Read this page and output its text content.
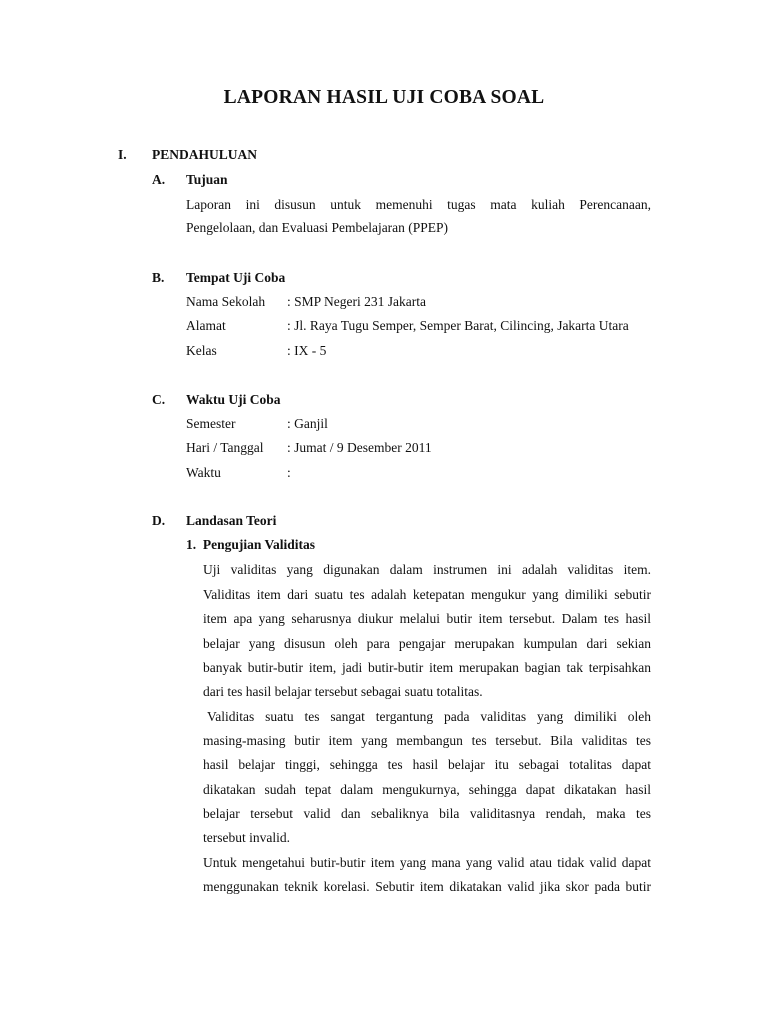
LAPORAN HASIL UJI COBA SOAL
I. PENDAHULUAN
A. Tujuan
Laporan ini disusun untuk memenuhi tugas mata kuliah Perencanaan,
Pengelolaan, dan Evaluasi Pembelajaran (PPEP)
B. Tempat Uji Coba
Nama Sekolah : SMP Negeri 231 Jakarta
Alamat	: Jl. Raya Tugu Semper, Semper Barat, Cilincing, Jakarta Utara
Kelas	: IX - 5
C. Waktu Uji Coba
Semester	: Ganjil
Hari / Tanggal : Jumat / 9 Desember 2011
Waktu	:
D. Landasan Teori
1.  Pengujian Validitas
Uji validitas yang digunakan dalam instrumen ini adalah validitas item.
Validitas item dari suatu tes adalah ketepatan mengukur yang dimiliki sebutir
item apa yang seharusnya diukur melalui butir item tersebut. Dalam tes hasil
belajar yang disusun oleh para pengajar merupakan kumpulan dari sekian
banyak butir-butir item, jadi butir-butir item merupakan bagian tak terpisahkan
dari tes hasil belajar tersebut sebagai suatu totalitas.
Validitas suatu tes sangat tergantung pada validitas yang dimiliki oleh
masing-masing butir item yang membangun tes tersebut. Bila validitas tes
hasil belajar tinggi, sehingga tes hasil belajar itu sebagai totalitas dapat
dikatakan sudah tepat dalam mengukurnya, sehingga dapat dikatakan hasil
belajar tersebut valid dan sebaliknya bila validitasnya rendah, maka tes
tersebut invalid.
Untuk mengetahui butir-butir item yang mana yang valid atau tidak valid dapat
menggunakan teknik korelasi. Sebutir item dikatakan valid jika skor pada butir
